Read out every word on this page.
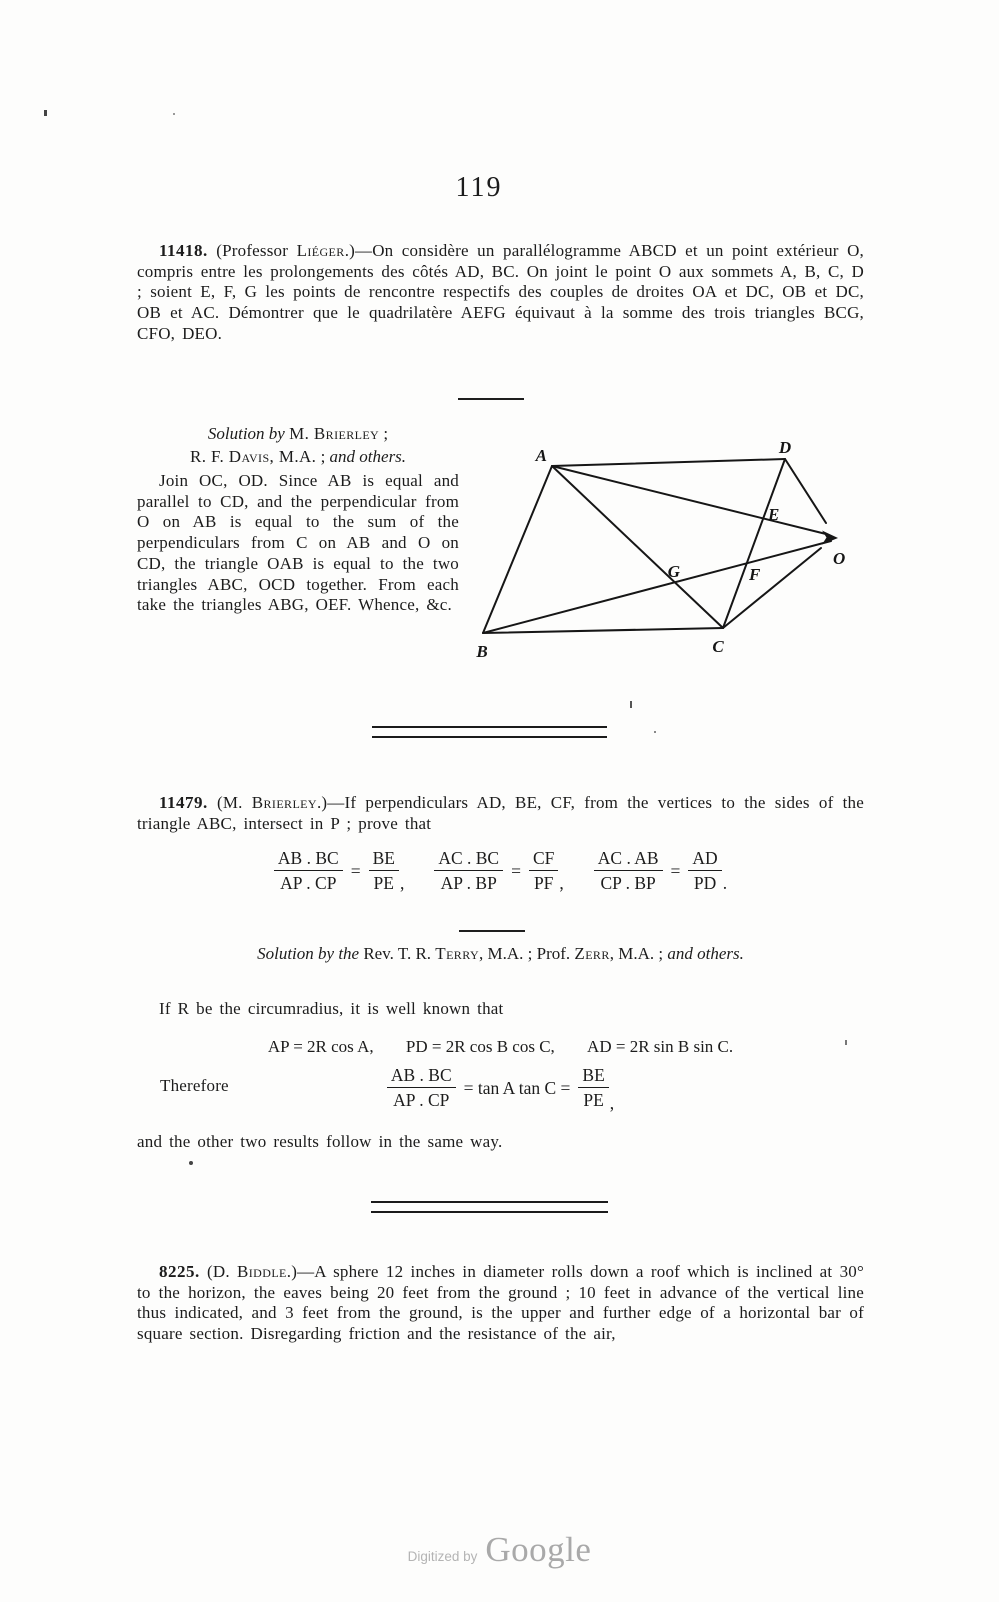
119

11418. (Professor Liéger.)—On considère un parallélogramme ABCD et un point extérieur O, compris entre les prolongements des côtés AD, BC. On joint le point O aux sommets A, B, C, D ; soient E, F, G les points de rencontre respectifs des couples de droites OA et DC, OB et DC, OB et AC. Démontrer que le quadrilatère AEFG équivaut à la somme des trois triangles BCG, CFO, DEO.

Solution by M. Brierley ;
R. F. Davis, M.A. ; and others.

Join OC, OD. Since AB is equal and parallel to CD, and the perpendicular from O on AB is equal to the sum of the perpendiculars from C on AB and O on CD, the triangle OAB is equal to the two triangles ABC, OCD together. From each take the triangles ABG, OEF. Whence, &c.

A	D
B	C
O
E
F
G

11479. (M. Brierley.)—If perpendiculars AD, BE, CF, from the vertices to the sides of the triangle ABC, intersect in P ; prove that

$\frac{AB . BC}{AP . CP} = \frac{BE}{PE}$ , $\frac{AC . BC}{AP . BP} = \frac{CF}{PF}$ , $\frac{AC . AB}{CP . BP} = \frac{AD}{PD}$ .
Solution by the Rev. T. R. Terry, M.A. ; Prof. Zerr, M.A. ; and others.
If R be the circumradius, it is well known that
AP = 2R cos A, PD = 2R cos B cos C, AD = 2R sin B sin C.
Therefore	$\frac{AB . BC}{AP . CP} = \tan A$ $\tan C = \frac{BE}{PE}$ ,
and the other two results follow in the same way.

8225. (D. Biddle.)—A sphere 12 inches in diameter rolls down a roof which is inclined at 30° to the horizon, the eaves being 20 feet from the ground ; 10 feet in advance of the vertical line thus indicated, and 3 feet from the ground, is the upper and further edge of a horizontal bar of square section. Disregarding friction and the resistance of the air,

Digitized by Google
